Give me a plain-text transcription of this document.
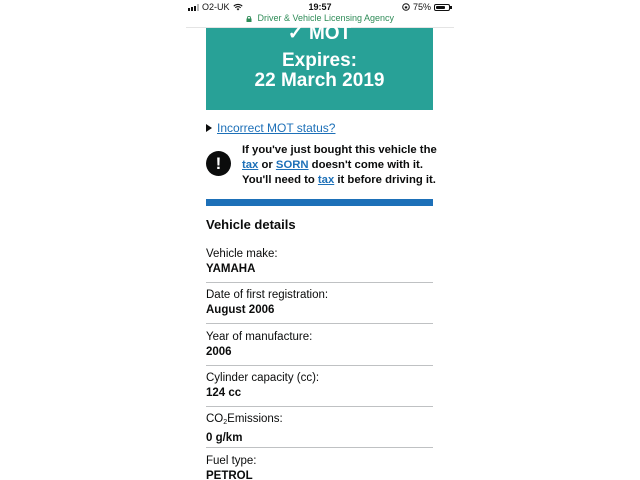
O2-UK	19:57	75%
Driver & Vehicle Licensing Agency
✓ MOT
Expires:
22 March 2019
Incorrect MOT status?
!
If you've just bought this vehicle the
tax or SORN doesn't come with it.
You'll need to tax it before driving it.
Vehicle details
Vehicle make:
YAMAHA
Date of first registration:
August 2006
Year of manufacture:
2006
Cylinder capacity (cc):
124 cc
$CO_2Emissions$:
0 g/km
Fuel type:
PETROL
